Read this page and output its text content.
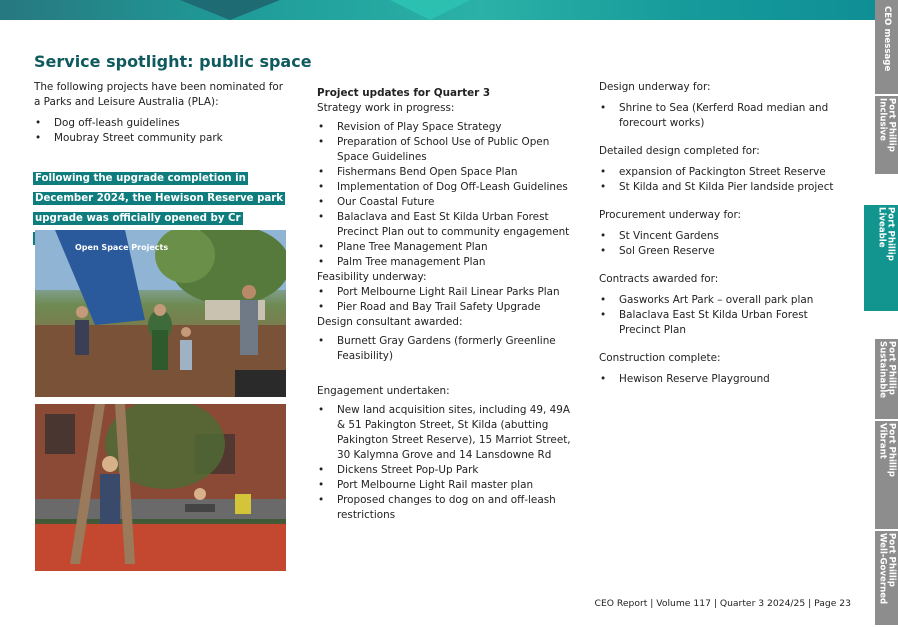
Service spotlight: public space

The following projects have been nominated for a Parks and Leisure Australia (PLA):

• Dog off-leash guidelines
• Moubray Street community park
Following the upgrade completion in December 2024, the Hewison Reserve park upgrade was officially opened by Cr
Open Space Projects

Project updates for Quarter 3

Strategy work in progress:

• Revision of Play Space Strategy
• Preparation of School Use of Public Open Space Guidelines
• Fishermans Bend Open Space Plan
• Implementation of Dog Off-Leash Guidelines
• Our Coastal Future
• Balaclava and East St Kilda Urban Forest Precinct Plan out to community engagement
• Plane Tree Management Plan
• Palm Tree management Plan

Feasibility underway:

• Port Melbourne Light Rail Linear Parks Plan
• Pier Road and Bay Trail Safety Upgrade

Design consultant awarded:

• Burnett Gray Gardens (formerly Greenline Feasibility)

Engagement undertaken:

• New land acquisition sites, including 49, 49A & 51 Pakington Street, St Kilda (abutting Pakington Street Reserve), 15 Marriot Street, 30 Kalymna Grove and 14 Lansdowne Rd
• Dickens Street Pop-Up Park
• Port Melbourne Light Rail master plan
• Proposed changes to dog on and off-leash restrictions

Design underway for:

• Shrine to Sea (Kerferd Road median and forecourt works)

Detailed design completed for:

• expansion of Packington Street Reserve
• St Kilda and St Kilda Pier landside project

Procurement underway for:

• St Vincent Gardens
• Sol Green Reserve

Contracts awarded for:

• Gasworks Art Park – overall park plan
• Balaclava East St Kilda Urban Forest Precinct Plan

Construction complete:

• Hewison Reserve Playground
CEO Report | Volume 117 | Quarter 3 2024/25 | Page 23
CEO message
Inclusive Port Phillip
Liveable Port Phillip
Sustainable Port Phillip
Vibrant Port Phillip
Well-Governed Port Phillip
